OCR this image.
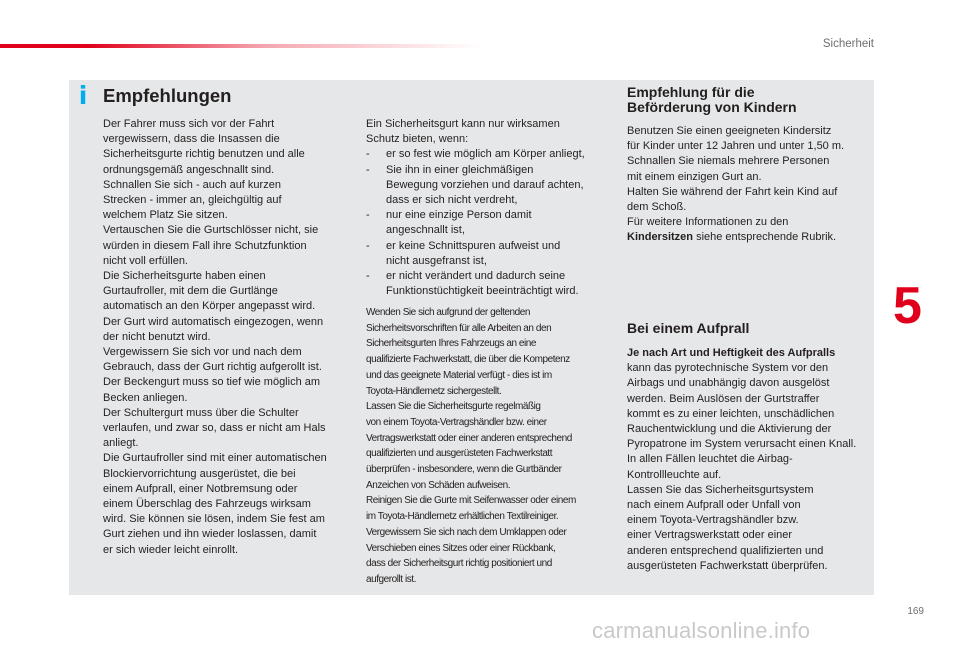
Sicherheit
5
i Empfehlungen
Der Fahrer muss sich vor der Fahrt
vergewissern, dass die Insassen die
Sicherheitsgurte richtig benutzen und alle
ordnungsgemäß angeschnallt sind.
Schnallen Sie sich - auch auf kurzen
Strecken - immer an, gleichgültig auf
welchem Platz Sie sitzen.
Vertauschen Sie die Gurtschlösser nicht, sie
würden in diesem Fall ihre Schutzfunktion
nicht voll erfüllen.
Die Sicherheitsgurte haben einen
Gurtaufroller, mit dem die Gurtlänge
automatisch an den Körper angepasst wird.
Der Gurt wird automatisch eingezogen, wenn
der nicht benutzt wird.
Vergewissern Sie sich vor und nach dem
Gebrauch, dass der Gurt richtig aufgerollt ist.
Der Beckengurt muss so tief wie möglich am
Becken anliegen.
Der Schultergurt muss über die Schulter
verlaufen, und zwar so, dass er nicht am Hals
anliegt.
Die Gurtaufroller sind mit einer automatischen
Blockiervorrichtung ausgerüstet, die bei
einem Aufprall, einer Notbremsung oder
einem Überschlag des Fahrzeugs wirksam
wird. Sie können sie lösen, indem Sie fest am
Gurt ziehen und ihn wieder loslassen, damit
er sich wieder leicht einrollt.
Ein Sicherheitsgurt kann nur wirksamen
Schutz bieten, wenn:
- er so fest wie möglich am Körper anliegt,
- Sie ihn in einer gleichmäßigen
Bewegung vorziehen und darauf achten,
dass er sich nicht verdreht,
- nur eine einzige Person damit
angeschnallt ist,
- er keine Schnittspuren aufweist und
nicht ausgefranst ist,
- er nicht verändert und dadurch seine
Funktionstüchtigkeit beeinträchtigt wird.
Wenden Sie sich aufgrund der geltenden
Sicherheitsvorschriften für alle Arbeiten an den
Sicherheitsgurten Ihres Fahrzeugs an eine
qualifizierte Fachwerkstatt, die über die Kompetenz
und das geeignete Material verfügt - dies ist im
Toyota-Händlernetz sichergestellt.
Lassen Sie die Sicherheitsgurte regelmäßig
von einem Toyota-Vertragshändler bzw. einer
Vertragswerkstatt oder einer anderen entsprechend
qualifizierten und ausgerüsteten Fachwerkstatt
überprüfen - insbesondere, wenn die Gurtbänder
Anzeichen von Schäden aufweisen.
Reinigen Sie die Gurte mit Seifenwasser oder einem
im Toyota-Händlernetz erhältlichen Textilreiniger.
Vergewissern Sie sich nach dem Umklappen oder
Verschieben eines Sitzes oder einer Rückbank,
dass der Sicherheitsgurt richtig positioniert und
aufgerollt ist.
Empfehlung für die
Beförderung von Kindern
Benutzen Sie einen geeigneten Kindersitz
für Kinder unter 12 Jahren und unter 1,50 m.
Schnallen Sie niemals mehrere Personen
mit einem einzigen Gurt an.
Halten Sie während der Fahrt kein Kind auf
dem Schoß.
Für weitere Informationen zu den
Kindersitzen siehe entsprechende Rubrik.
Bei einem Aufprall
Je nach Art und Heftigkeit des Aufpralls
kann das pyrotechnische System vor den
Airbags und unabhängig davon ausgelöst
werden. Beim Auslösen der Gurtstraffer
kommt es zu einer leichten, unschädlichen
Rauchentwicklung und die Aktivierung der
Pyropatrone im System verursacht einen Knall.
In allen Fällen leuchtet die Airbag-
Kontrollleuchte auf.
Lassen Sie das Sicherheitsgurtsystem
nach einem Aufprall oder Unfall von
einem Toyota-Vertragshändler bzw.
einer Vertragswerkstatt oder einer
anderen entsprechend qualifizierten und
ausgerüsteten Fachwerkstatt überprüfen.
169
carmanualsonline.info
